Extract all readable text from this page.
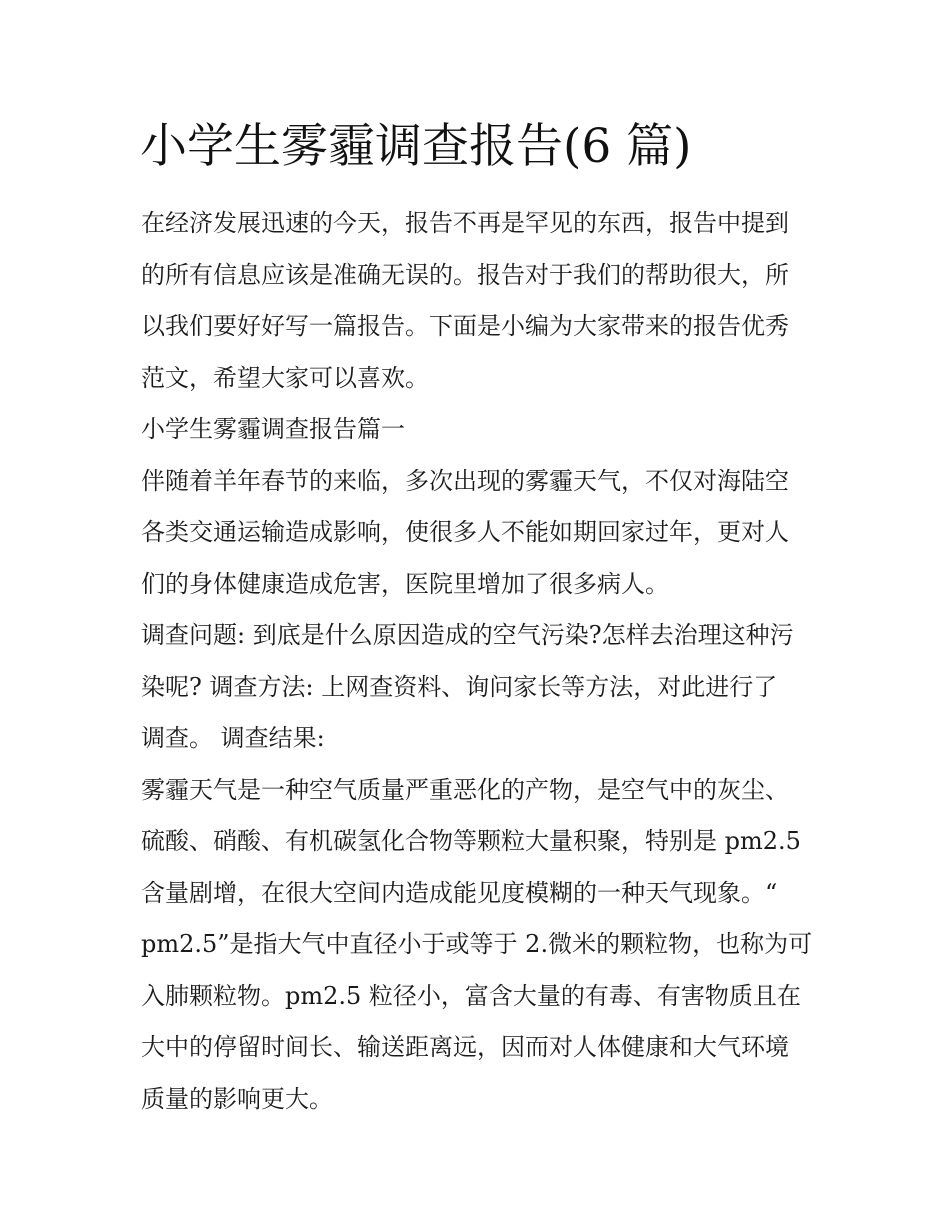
小学生雾霾调查报告(6 篇)
在经济发展迅速的今天，报告不再是罕见的东西，报告中提到
的所有信息应该是准确无误的。报告对于我们的帮助很大，所
以我们要好好写一篇报告。下面是小编为大家带来的报告优秀
范文，希望大家可以喜欢。
小学生雾霾调查报告篇一
伴随着羊年春节的来临，多次出现的雾霾天气，不仅对海陆空
各类交通运输造成影响，使很多人不能如期回家过年，更对人
们的身体健康造成危害，医院里增加了很多病人。
调查问题: 到底是什么原因造成的空气污染?怎样去治理这种污
染呢? 调查方法: 上网查资料、询问家长等方法，对此进行了
调查。 调查结果:
雾霾天气是一种空气质量严重恶化的产物，是空气中的灰尘、
硫酸、硝酸、有机碳氢化合物等颗粒大量积聚，特别是 pm2.5
含量剧增，在很大空间内造成能见度模糊的一种天气现象。“
pm2.5”是指大气中直径小于或等于 2.微米的颗粒物，也称为可
入肺颗粒物。pm2.5 粒径小，富含大量的有毒、有害物质且在
大中的停留时间长、输送距离远，因而对人体健康和大气环境
质量的影响更大。
